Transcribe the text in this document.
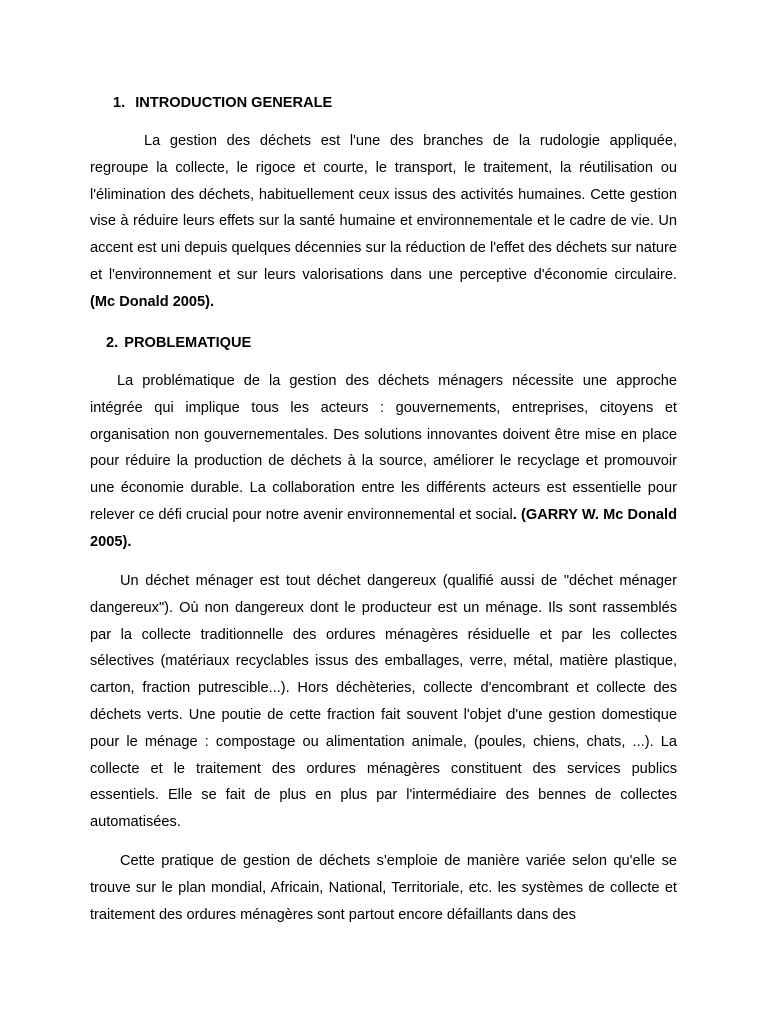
1. INTRODUCTION GENERALE

La gestion des déchets est l'une des branches de la rudologie appliquée, regroupe la collecte, le rigoce et courte, le transport, le traitement, la réutilisation ou l'élimination des déchets, habituellement ceux issus des activités humaines. Cette gestion vise à réduire leurs effets sur la santé humaine et environnementale et le cadre de vie. Un accent est uni depuis quelques décennies sur la réduction de l'effet des déchets sur nature et l'environnement et sur leurs valorisations dans une perceptive d'économie circulaire. (Mc Donald 2005).

2. PROBLEMATIQUE

La problématique de la gestion des déchets ménagers nécessite une approche intégrée qui implique tous les acteurs : gouvernements, entreprises, citoyens et organisation non gouvernementales. Des solutions innovantes doivent être mise en place pour réduire la production de déchets à la source, améliorer le recyclage et promouvoir une économie durable. La collaboration entre les différents acteurs est essentielle pour relever ce défi crucial pour notre avenir environnemental et social. (GARRY W. Mc Donald 2005).

Un déchet ménager est tout déchet dangereux (qualifié aussi de "déchet ménager dangereux"). Où non dangereux dont le producteur est un ménage. Ils sont rassemblés par la collecte traditionnelle des ordures ménagères résiduelle et par les collectes sélectives (matériaux recyclables issus des emballages, verre, métal, matière plastique, carton, fraction putrescible...). Hors déchèteries, collecte d'encombrant et collecte des déchets verts. Une poutie de cette fraction fait souvent l'objet d'une gestion domestique pour le ménage : compostage ou alimentation animale, (poules, chiens, chats, ...). La collecte et le traitement des ordures ménagères constituent des services publics essentiels. Elle se fait de plus en plus par l'intermédiaire des bennes de collectes automatisées.

Cette pratique de gestion de déchets s'emploie de manière variée selon qu'elle se trouve sur le plan mondial, Africain, National, Territoriale, etc. les systèmes de collecte et traitement des ordures ménagères sont partout encore défaillants dans des
